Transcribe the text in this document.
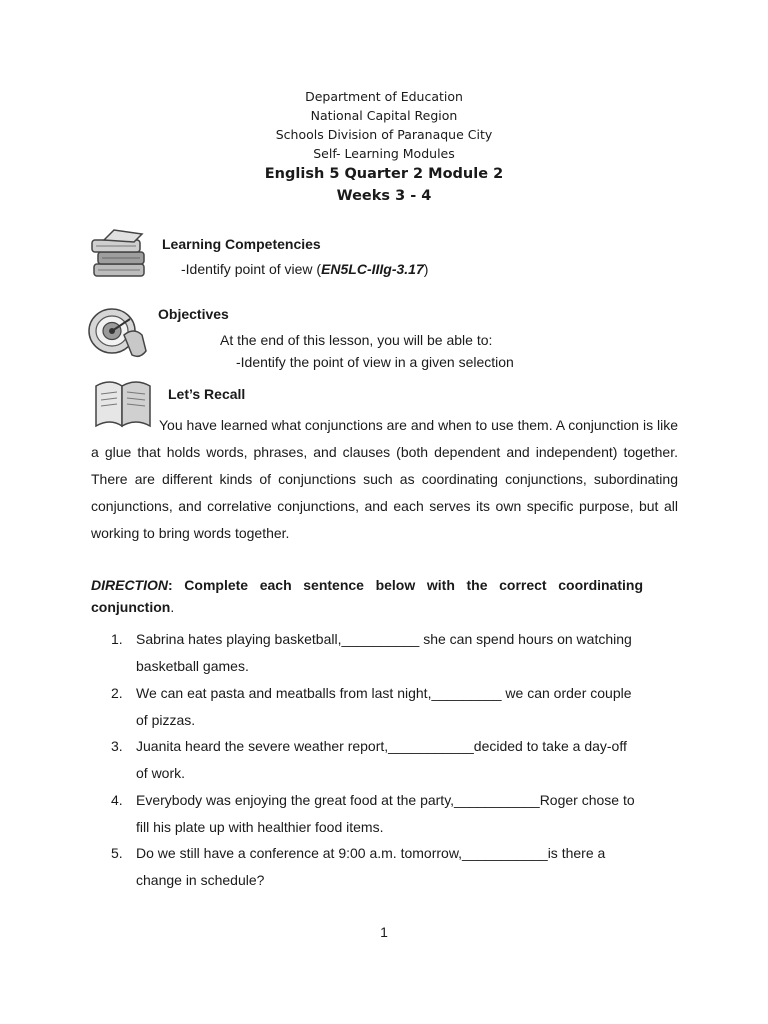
Department of Education
National Capital Region
Schools Division of Paranaque City
Self- Learning Modules
English 5 Quarter 2 Module 2
Weeks 3 - 4
Learning Competencies
-Identify point of view (EN5LC-IIIg-3.17)
Objectives
At the end of this lesson, you will be able to:
-Identify the point of view in a given selection
Let’s Recall
You have learned what conjunctions are and when to use them. A conjunction is like a glue that holds words, phrases, and clauses (both dependent and independent) together. There are different kinds of conjunctions such as coordinating conjunctions, subordinating conjunctions, and correlative conjunctions, and each serves its own specific purpose, but all working to bring words together.
DIRECTION: Complete each sentence below with the correct coordinating conjunction.
1. Sabrina hates playing basketball,__________ she can spend hours on watching
basketball games.
2. We can eat pasta and meatballs from last night,_________ we can order couple
of pizzas.
3. Juanita heard the severe weather report,___________decided to take a day-off
of work.
4. Everybody was enjoying the great food at the party,___________Roger chose to
fill his plate up with healthier food items.
5. Do we still have a conference at 9:00 a.m. tomorrow,___________is there a
change in schedule?
1
